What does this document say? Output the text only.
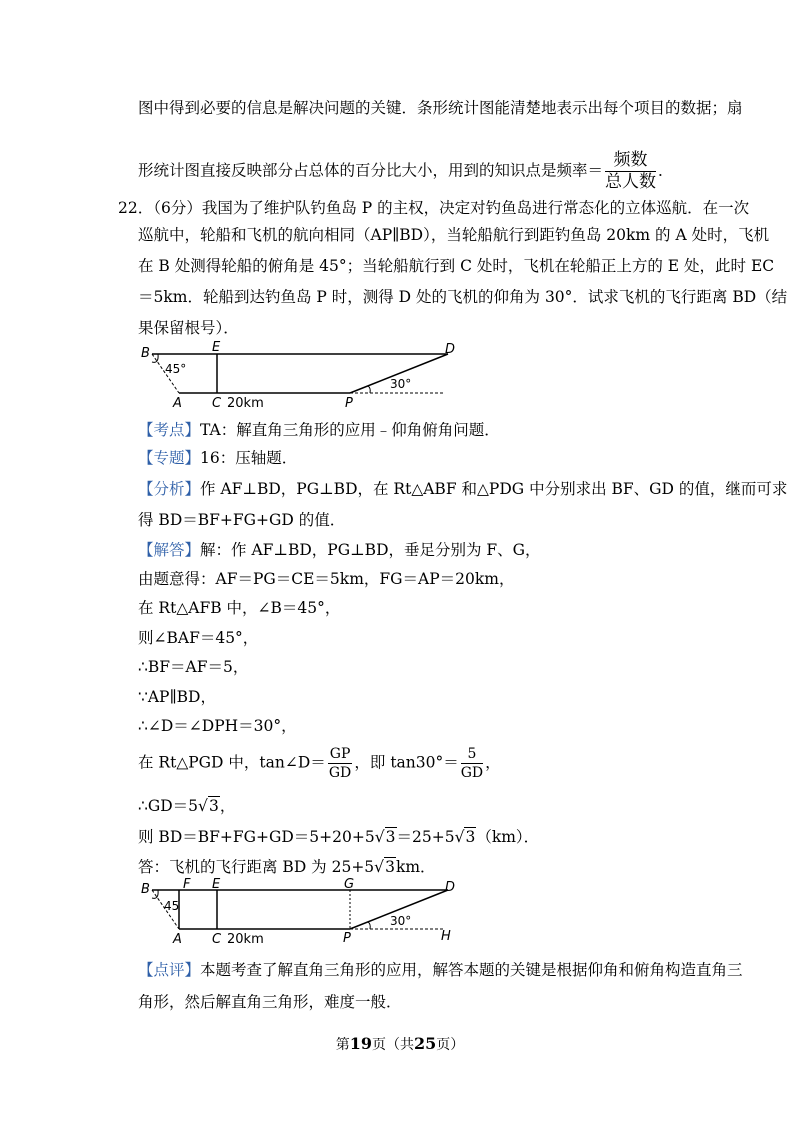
图中得到必要的信息是解决问题的关键．条形统计图能清楚地表示出每个项目的数据；扇
形统计图直接反映部分占总体的百分比大小，用到的知识点是频率＝ $\frac{\text{频数}}{\text{总人数}}$ ．
22．（6分）我国为了维护队钓鱼岛 P 的主权，决定对钓鱼岛进行常态化的立体巡航．在一次
巡航中，轮船和飞机的航向相同（AP∥BD），当轮船航行到距钓鱼岛 20km 的 A 处时，飞机
在 B 处测得轮船的俯角是 45°；当轮船航行到 C 处时，飞机在轮船正上方的 E 处，此时 EC
＝5km．轮船到达钓鱼岛 P 时，测得 D 处的飞机的仰角为 30°．试求飞机的飞行距离 BD（结
果保留根号）．
B	E	D
A C	P
45°
30°
20km
【考点】TA：解直角三角形的应用﹣仰角俯角问题．
【专题】16：压轴题．
【分析】作 AF⊥BD，PG⊥BD，在 Rt△ABF 和△PDG 中分别求出 BF、GD 的值，继而可求
得 BD＝BF+FG+GD 的值．
【解答】解：作 AF⊥BD，PG⊥BD，垂足分别为 F、G，
由题意得：AF＝PG＝CE＝5km，FG＝AP＝20km，
在 Rt△AFB 中，∠B＝45°，
则∠BAF＝45°，
∴BF＝AF＝5，
∵AP∥BD，
∴∠D＝∠DPH＝30°，
在 Rt△PGD 中，tan∠D＝ $\frac{GP}{GD}$ ，即 $\tan 30^\circ= \frac{5}{GD}$ ，
∴GD＝5√3，
则 BD＝BF+FG+GD＝5+20+5√3＝25+5√3（km）．
答：飞机的飞行距离 BD 为 25+5√3km．
B	F E	G	D
A C	P	H
45
30°
20km
【点评】本题考查了解直角三角形的应用，解答本题的关键是根据仰角和俯角构造直角三
角形，然后解直角三角形，难度一般．
第19页（共25页）
